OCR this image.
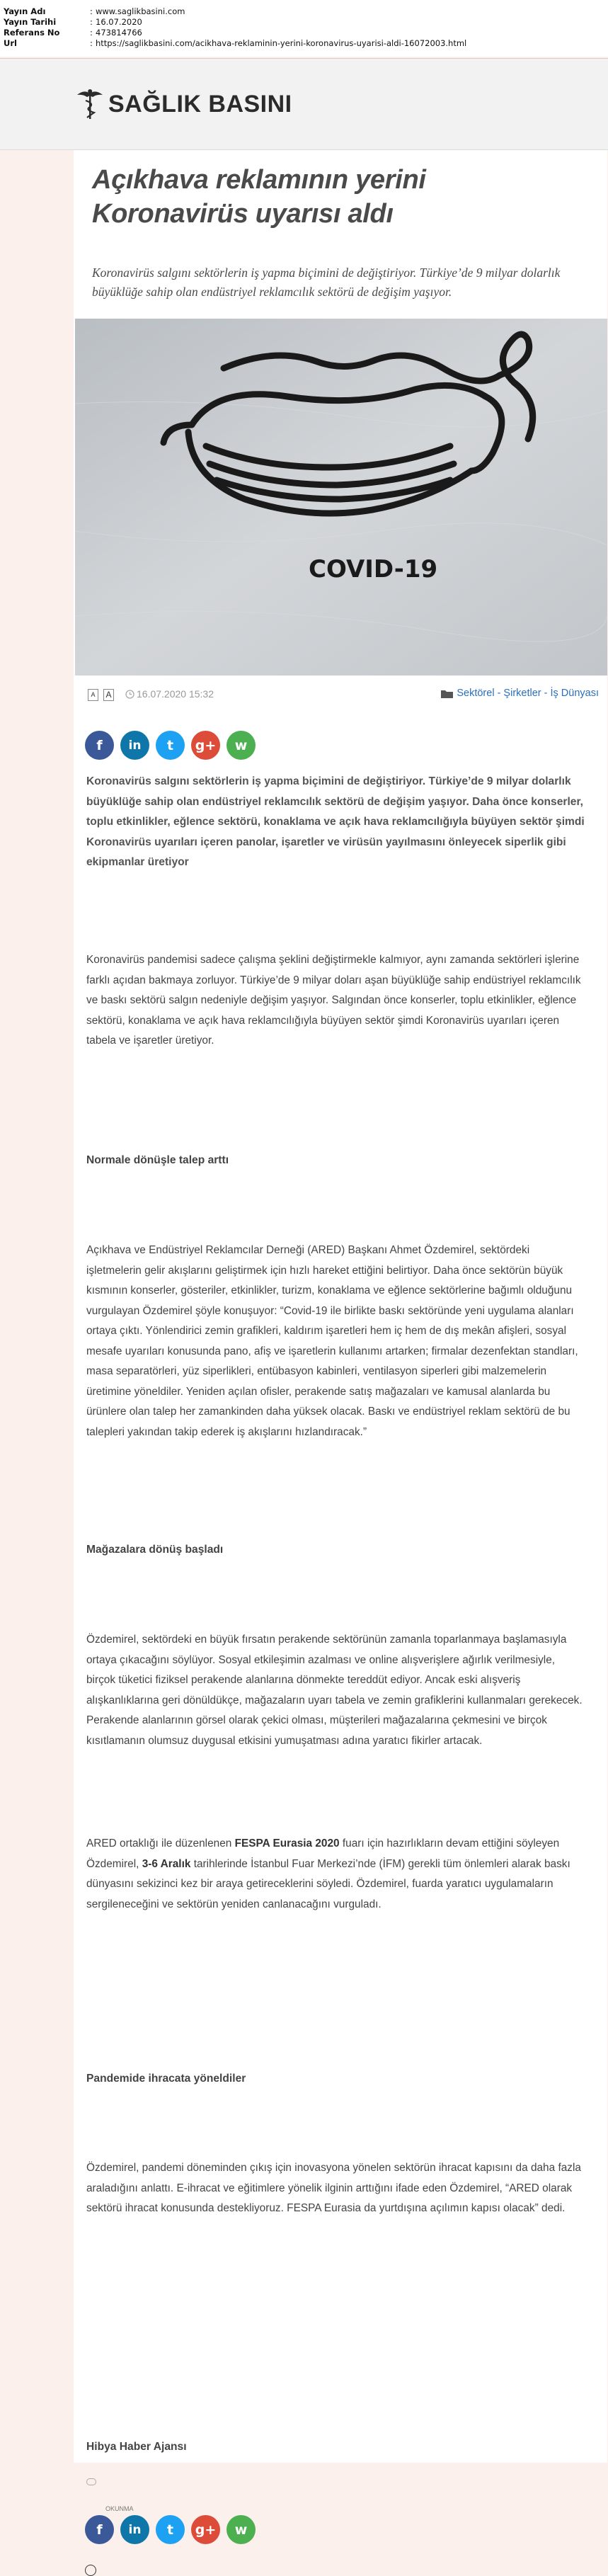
Yayın Adı	: www.saglikbasini.com
Yayın Tarihi	: 16.07.2020
Referans No	: 473814766
Url	: https://saglikbasini.com/acikhava-reklaminin-yerini-koronavirus-uyarisi-aldi-16072003.html
SAĞLIK BASINI
Açıkhava reklamının yerini Koronavirüs uyarısı aldı

Koronavirüs salgını sektörlerin iş yapma biçimini de değiştiriyor. Türkiye’de 9 milyar dolarlık büyüklüğe sahip olan endüstriyel reklamcılık sektörü de değişim yaşıyor.

COVID-19
A	A	16.07.2020 15:32	Sektörel - Şirketler - İş Dünyası
f	in	t	g+	w

Koronavirüs salgını sektörlerin iş yapma biçimini de değiştiriyor. Türkiye’de 9 milyar dolarlık büyüklüğe sahip olan endüstriyel reklamcılık sektörü de değişim yaşıyor. Daha önce konserler, toplu etkinlikler, eğlence sektörü, konaklama ve açık hava reklamcılığıyla büyüyen sektör şimdi Koronavirüs uyarıları içeren panolar, işaretler ve virüsün yayılmasını önleyecek siperlik gibi ekipmanlar üretiyor

Koronavirüs pandemisi sadece çalışma şeklini değiştirmekle kalmıyor, aynı zamanda sektörleri işlerine farklı açıdan bakmaya zorluyor. Türkiye’de 9 milyar doları aşan büyüklüğe sahip endüstriyel reklamcılık ve baskı sektörü salgın nedeniyle değişim yaşıyor. Salgından önce konserler, toplu etkinlikler, eğlence sektörü, konaklama ve açık hava reklamcılığıyla büyüyen sektör şimdi Koronavirüs uyarıları içeren tabela ve işaretler üretiyor.

Normale dönüşle talep arttı

Açıkhava ve Endüstriyel Reklamcılar Derneği (ARED) Başkanı Ahmet Özdemirel, sektördeki işletmelerin gelir akışlarını geliştirmek için hızlı hareket ettiğini belirtiyor. Daha önce sektörün büyük kısmının konserler, gösteriler, etkinlikler, turizm, konaklama ve eğlence sektörlerine bağımlı olduğunu vurgulayan Özdemirel şöyle konuşuyor: “Covid-19 ile birlikte baskı sektöründe yeni uygulama alanları ortaya çıktı. Yönlendirici zemin grafikleri, kaldırım işaretleri hem iç hem de dış mekân afişleri, sosyal mesafe uyarıları konusunda pano, afiş ve işaretlerin kullanımı artarken; firmalar dezenfektan standları, masa separatörleri, yüz siperlikleri, entübasyon kabinleri, ventilasyon siperleri gibi malzemelerin üretimine yöneldiler. Yeniden açılan ofisler, perakende satış mağazaları ve kamusal alanlarda bu ürünlere olan talep her zamankinden daha yüksek olacak. Baskı ve endüstriyel reklam sektörü de bu talepleri yakından takip ederek iş akışlarını hızlandıracak.”

Mağazalara dönüş başladı

Özdemirel, sektördeki en büyük fırsatın perakende sektörünün zamanla toparlanmaya başlamasıyla ortaya çıkacağını söylüyor. Sosyal etkileşimin azalması ve online alışverişlere ağırlık verilmesiyle, birçok tüketici fiziksel perakende alanlarına dönmekte tereddüt ediyor. Ancak eski alışveriş alışkanlıklarına geri dönüldükçe, mağazaların uyarı tabela ve zemin grafiklerini kullanmaları gerekecek. Perakende alanlarının görsel olarak çekici olması, müşterileri mağazalarına çekmesini ve birçok kısıtlamanın olumsuz duygusal etkisini yumuşatması adına yaratıcı fikirler artacak.

ARED ortaklığı ile düzenlenen FESPA Eurasia 2020 fuarı için hazırlıkların devam ettiğini söyleyen Özdemirel, 3-6 Aralık tarihlerinde İstanbul Fuar Merkezi’nde (İFM) gerekli tüm önlemleri alarak baskı dünyasını sekizinci kez bir araya getireceklerini söyledi. Özdemirel, fuarda yaratıcı uygulamaların sergileneceğini ve sektörün yeniden canlanacağını vurguladı.

Pandemide ihracata yöneldiler

Özdemirel, pandemi döneminden çıkış için inovasyona yönelen sektörün ihracat kapısını da daha fazla araladığını anlattı. E-ihracat ve eğitimlere yönelik ilginin arttığını ifade eden Özdemirel, “ARED olarak sektörü ihracat konusunda destekliyoruz. FESPA Eurasia da yurtdışına açılımın kapısı olacak” dedi.

Hibya Haber Ajansı

OKUNMA
f	in	t	g+	w
